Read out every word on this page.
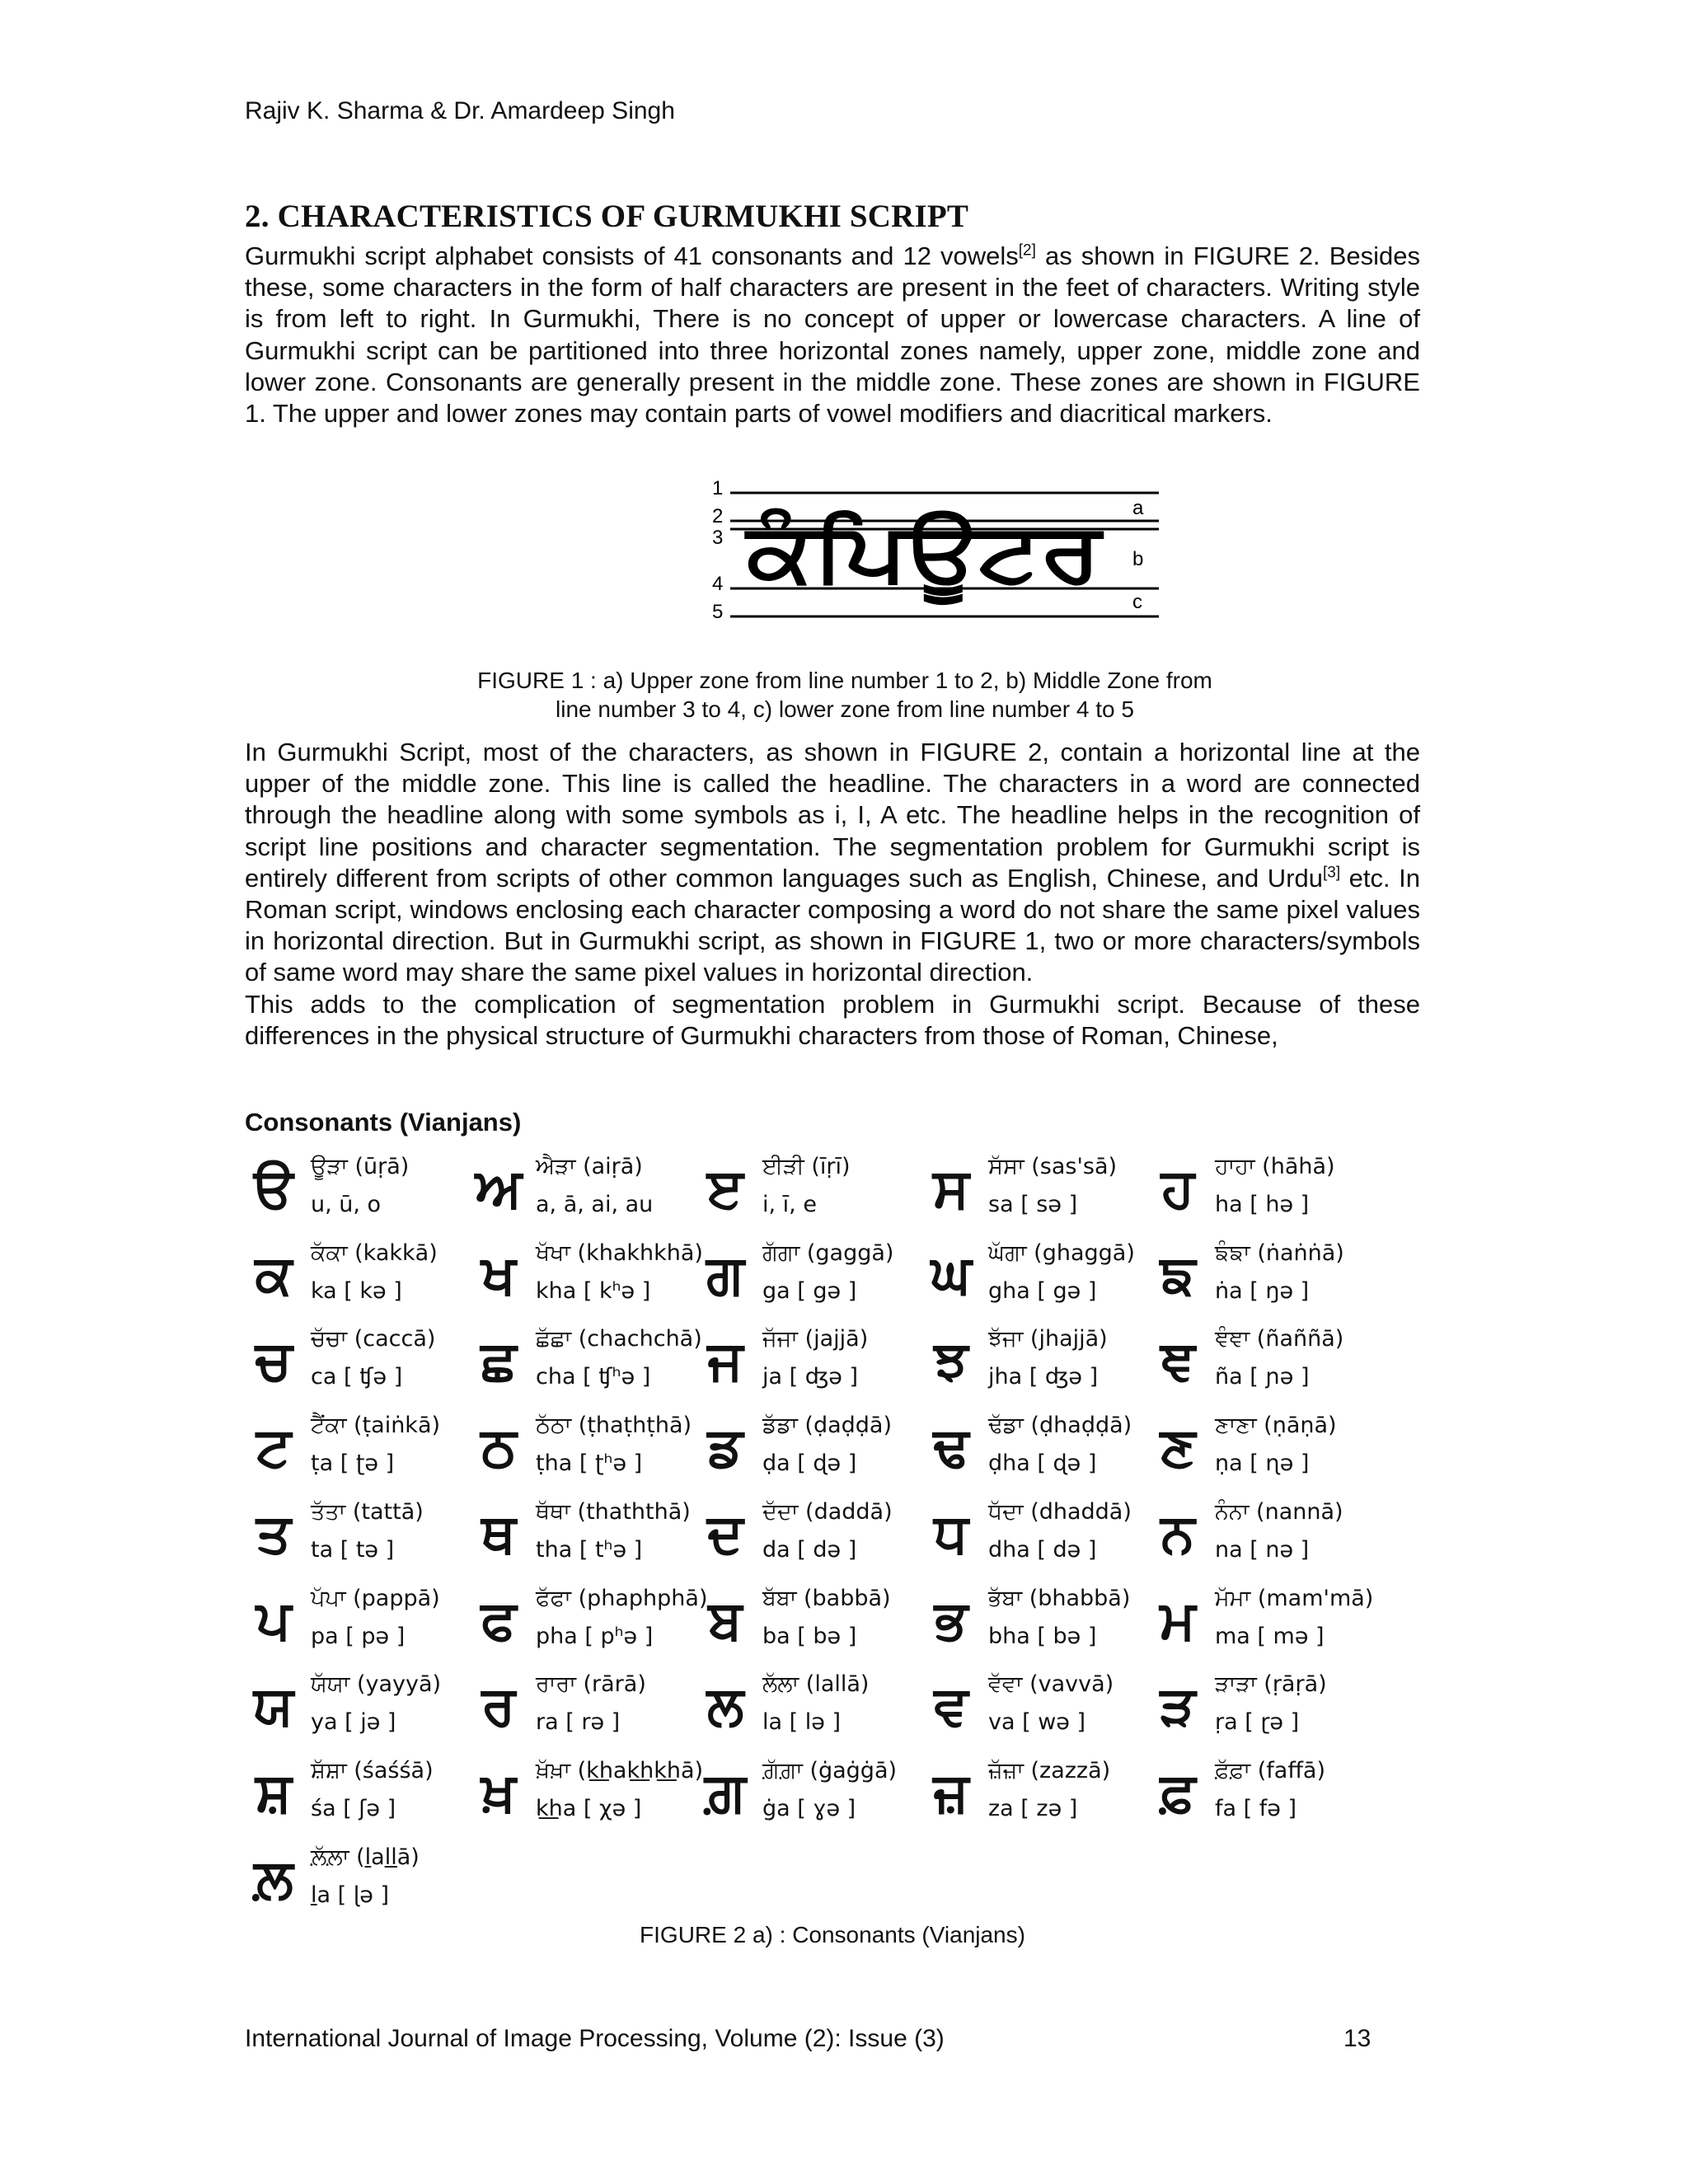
Rajiv K. Sharma & Dr. Amardeep Singh
2. CHARACTERISTICS OF GURMUKHI SCRIPT

Gurmukhi script alphabet consists of 41 consonants and 12 vowels[2] as shown in FIGURE 2. Besides these, some characters in the form of half characters are present in the feet of characters. Writing style is from left to right. In Gurmukhi, There is no concept of upper or lowercase characters. A line of Gurmukhi script can be partitioned into three horizontal zones namely, upper zone, middle zone and lower zone. Consonants are generally present in the middle zone. These zones are shown in FIGURE 1. The upper and lower zones may contain parts of vowel modifiers and diacritical markers.

1
2
3
4
5
a
b
c
ਕੰਪਿਊਟਰ
FIGURE 1 : a) Upper zone from line number 1 to 2, b) Middle Zone from
line number 3 to 4, c) lower zone from line number 4 to 5

In Gurmukhi Script, most of the characters, as shown in FIGURE 2, contain a horizontal line at the upper of the middle zone. This line is called the headline. The characters in a word are connected through the headline along with some symbols as i, I, A etc. The headline helps in the recognition of script line positions and character segmentation. The segmentation problem for Gurmukhi script is entirely different from scripts of other common languages such as English, Chinese, and Urdu[3] etc. In Roman script, windows enclosing each character composing a word do not share the same pixel values in horizontal direction. But in Gurmukhi script, as shown in FIGURE 1, two or more characters/symbols of same word may share the same pixel values in horizontal direction.

This adds to the complication of segmentation problem in Gurmukhi script. Because of these differences in the physical structure of Gurmukhi characters from those of Roman, Chinese,

Consonants (Vianjans)
ੳ ਊੜਾ (ūṛā)
u, ū, o ਅ ਐੜਾ (aiṛā)
a, ā, ai, au ੲ ਈੜੀ (īṛī)
i, ī, e ਸ ਸੱਸਾ (sas'sā)
sa [ sə ] ਹ ਹਾਹਾ (hāhā)
ha [ hə ]
ਕ ਕੱਕਾ (kakkā)
ka [ kə ] ਖ ਖੱਖਾ (khakhkhā)
kha [ kʰə ] ਗ ਗੱਗਾ (gaggā)
ga [ gə ] ਘ ਘੱਗਾ (ghaggā)
gha [ gə ] ਙ ਙੰਙਾ (ṅaṅṅā)
ṅa [ ŋə ]
ਚ ਚੱਚਾ (caccā)
ca [ ʧə ] ਛ ਛੱਛਾ (chachchā)
cha [ ʧʰə ] ਜ ਜੱਜਾ (jajjā)
ja [ ʤə ] ਝ ਝੱਜਾ (jhajjā)
jha [ ʤə ] ਞ ਞੰਞਾ (ñaññā)
ña [ ɲə ]
ਟ ਟੈਂਕਾ (ṭaiṅkā)
ṭa [ ʈə ] ਠ ਠੱਠਾ (ṭhaṭhṭhā)
ṭha [ ʈʰə ] ਡ ਡੱਡਾ (ḍaḍḍā)
ḍa [ ɖə ] ਢ ਢੱਡਾ (ḍhaḍḍā)
ḍha [ ɖə ] ਣ ਣਾਣਾ (ṇāṇā)
ṇa [ ɳə ]
ਤ ਤੱਤਾ (tattā)
ta [ tə ] ਥ ਥੱਥਾ (thaththā)
tha [ tʰə ] ਦ ਦੱਦਾ (daddā)
da [ də ] ਧ ਧੱਦਾ (dhaddā)
dha [ də ] ਨ ਨੰਨਾ (nannā)
na [ nə ]
ਪ ਪੱਪਾ (pappā)
pa [ pə ] ਫ ਫੱਫਾ (phaphphā)
pha [ pʰə ] ਬ ਬੱਬਾ (babbā)
ba [ bə ] ਭ ਭੱਬਾ (bhabbā)
bha [ bə ] ਮ ਮੱਮਾ (mam'mā)
ma [ mə ]
ਯ ਯੱਯਾ (yayyā)
ya [ jə ] ਰ ਰਾਰਾ (rārā)
ra [ rə ] ਲ ਲੱਲਾ (lallā)
la [ lə ] ਵ ਵੱਵਾ (vavvā)
va [ wə ] ੜ ੜਾੜਾ (ṛāṛā)
ṛa [ ɽə ]
ਸ਼ ਸ਼ੱਸ਼ਾ (śaśśā)
śa [ ʃə ] ਖ਼ ਖ਼ੱਖ਼ਾ (k͟hak͟hk͟hā)
k͟ha [ χə ] ਗ਼ ਗ਼ੱਗ਼ਾ (ġaġġā)
ġa [ ɣə ] ਜ਼ ਜ਼ੱਜ਼ਾ (zazzā)
za [ zə ] ਫ਼ ਫ਼ੱਫ਼ਾ (faffā)
fa [ fə ]
ਲ਼ ਲ਼ੱਲ਼ਾ (ḻaḻḻā)
ḻa [ ɭə ]
FIGURE 2 a) : Consonants (Vianjans)
International Journal of Image Processing, Volume (2): Issue (3)	13
